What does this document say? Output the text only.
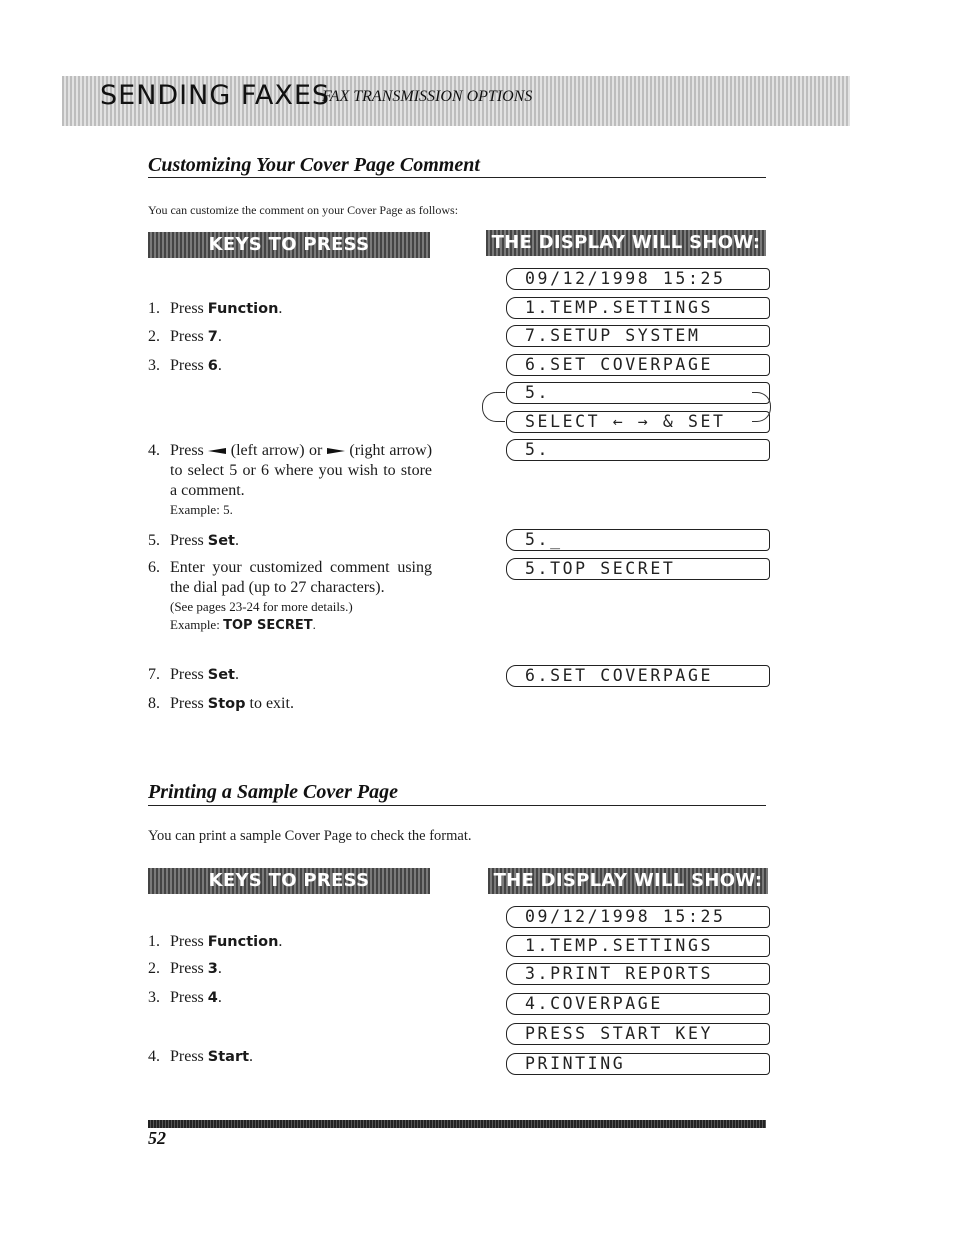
SENDING FAXES
FAX TRANSMISSION OPTIONS
Customizing Your Cover Page Comment
You can customize the comment on your Cover Page as follows:
KEYS TO PRESS	THE DISPLAY WILL SHOW:
1. Press Function.
2. Press 7.
3. Press 6.
4. Press  (left arrow) or (right arrow) to select 5 or 6 where you wish to store a comment.
Example: 5.
5. Press Set.
6. Enter your customized comment using the dial pad (up to 27 characters).
(See pages 23-24 for more details.)
Example: TOP SECRET.
7. Press Set.
8. Press Stop to exit.
09/12/1998 15:25
1.TEMP.SETTINGS
7.SETUP SYSTEM
6.SET COVERPAGE
5.
SELECT ← → & SET
5.
5._
5.TOP SECRET
6.SET COVERPAGE
Printing a Sample Cover Page
You can print a sample Cover Page to check the format.
KEYS TO PRESS	THE DISPLAY WILL SHOW:
1. Press Function.
2. Press 3.
3. Press 4.
4. Press Start.
09/12/1998 15:25
1.TEMP.SETTINGS
3.PRINT REPORTS
4.COVERPAGE
PRESS START KEY
PRINTING
52
